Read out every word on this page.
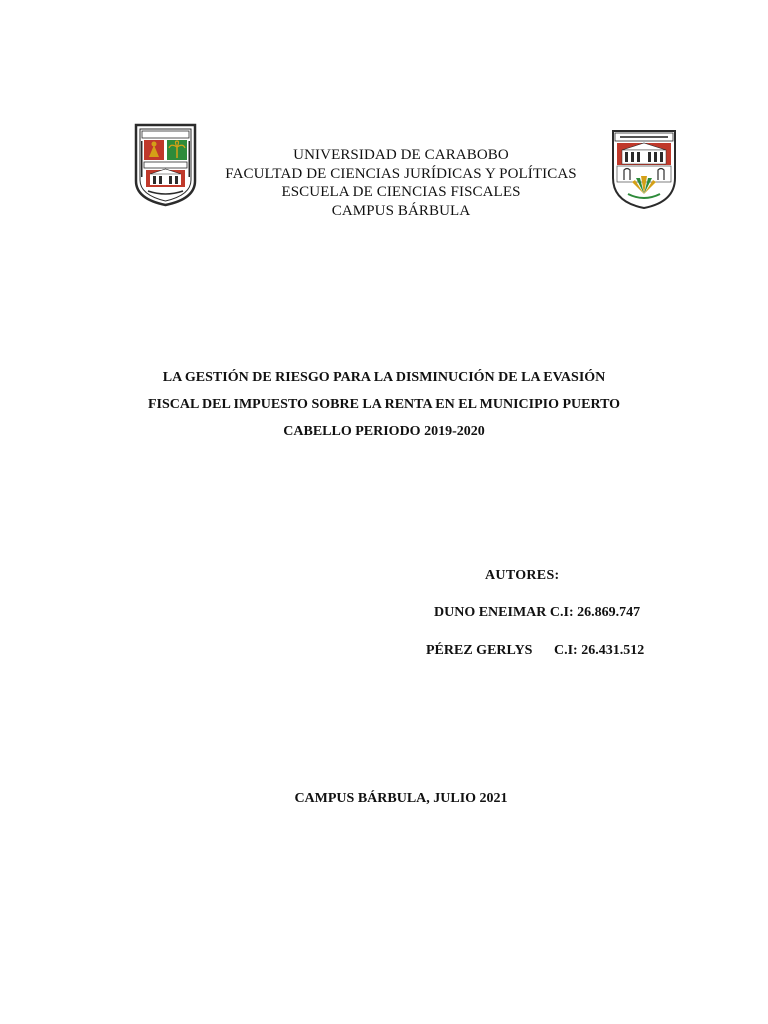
UNIVERSIDAD DE CARABOBO
FACULTAD DE CIENCIAS JURÍDICAS Y POLÍTICAS
ESCUELA DE CIENCIAS FISCALES
CAMPUS BÁRBULA
LA GESTIÓN DE RIESGO PARA LA DISMINUCIÓN DE LA EVASIÓN
FISCAL DEL IMPUESTO SOBRE LA RENTA EN EL MUNICIPIO PUERTO
CABELLO PERIODO 2019-2020
AUTORES:
DUNO ENEIMAR C.I: 26.869.747
PÉREZ GERLYS C.I: 26.431.512
CAMPUS BÁRBULA, JULIO 2021
